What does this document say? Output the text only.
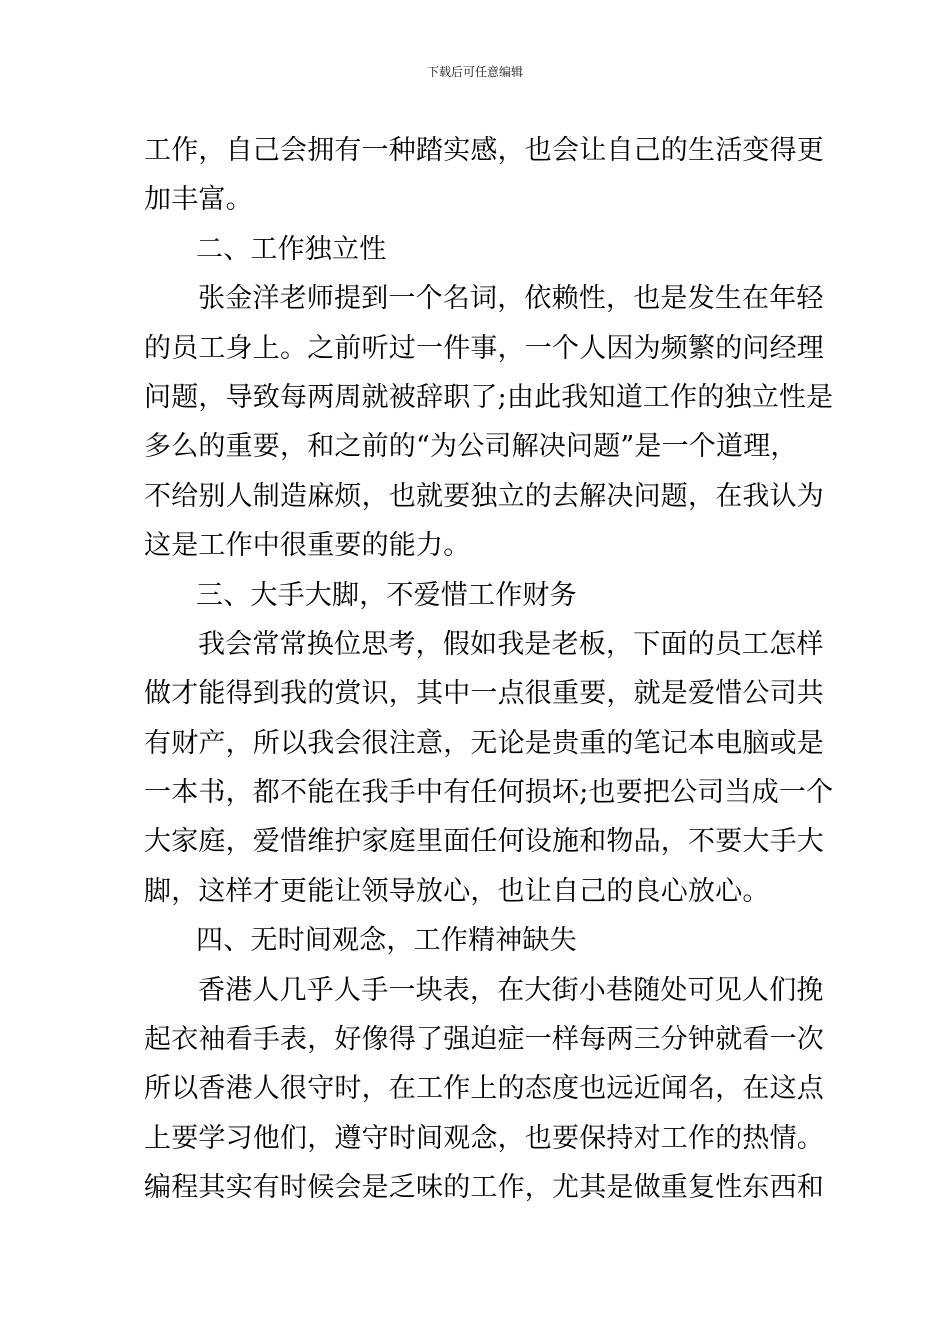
下载后可任意编辑
工作，自己会拥有一种踏实感，也会让自己的生活变得更
加丰富。
二、工作独立性
张金洋老师提到一个名词，依赖性，也是发生在年轻
的员工身上。之前听过一件事，一个人因为频繁的问经理
问题，导致每两周就被辞职了;由此我知道工作的独立性是
多么的重要，和之前的“为公司解决问题”是一个道理，
不给别人制造麻烦，也就要独立的去解决问题，在我认为
这是工作中很重要的能力。
三、大手大脚，不爱惜工作财务
我会常常换位思考，假如我是老板，下面的员工怎样
做才能得到我的赏识，其中一点很重要，就是爱惜公司共
有财产，所以我会很注意，无论是贵重的笔记本电脑或是
一本书，都不能在我手中有任何损坏;也要把公司当成一个
大家庭，爱惜维护家庭里面任何设施和物品，不要大手大
脚，这样才更能让领导放心，也让自己的良心放心。
四、无时间观念，工作精神缺失
香港人几乎人手一块表，在大街小巷随处可见人们挽
起衣袖看手表，好像得了强迫症一样每两三分钟就看一次
所以香港人很守时，在工作上的态度也远近闻名，在这点
上要学习他们，遵守时间观念，也要保持对工作的热情。
编程其实有时候会是乏味的工作，尤其是做重复性东西和
